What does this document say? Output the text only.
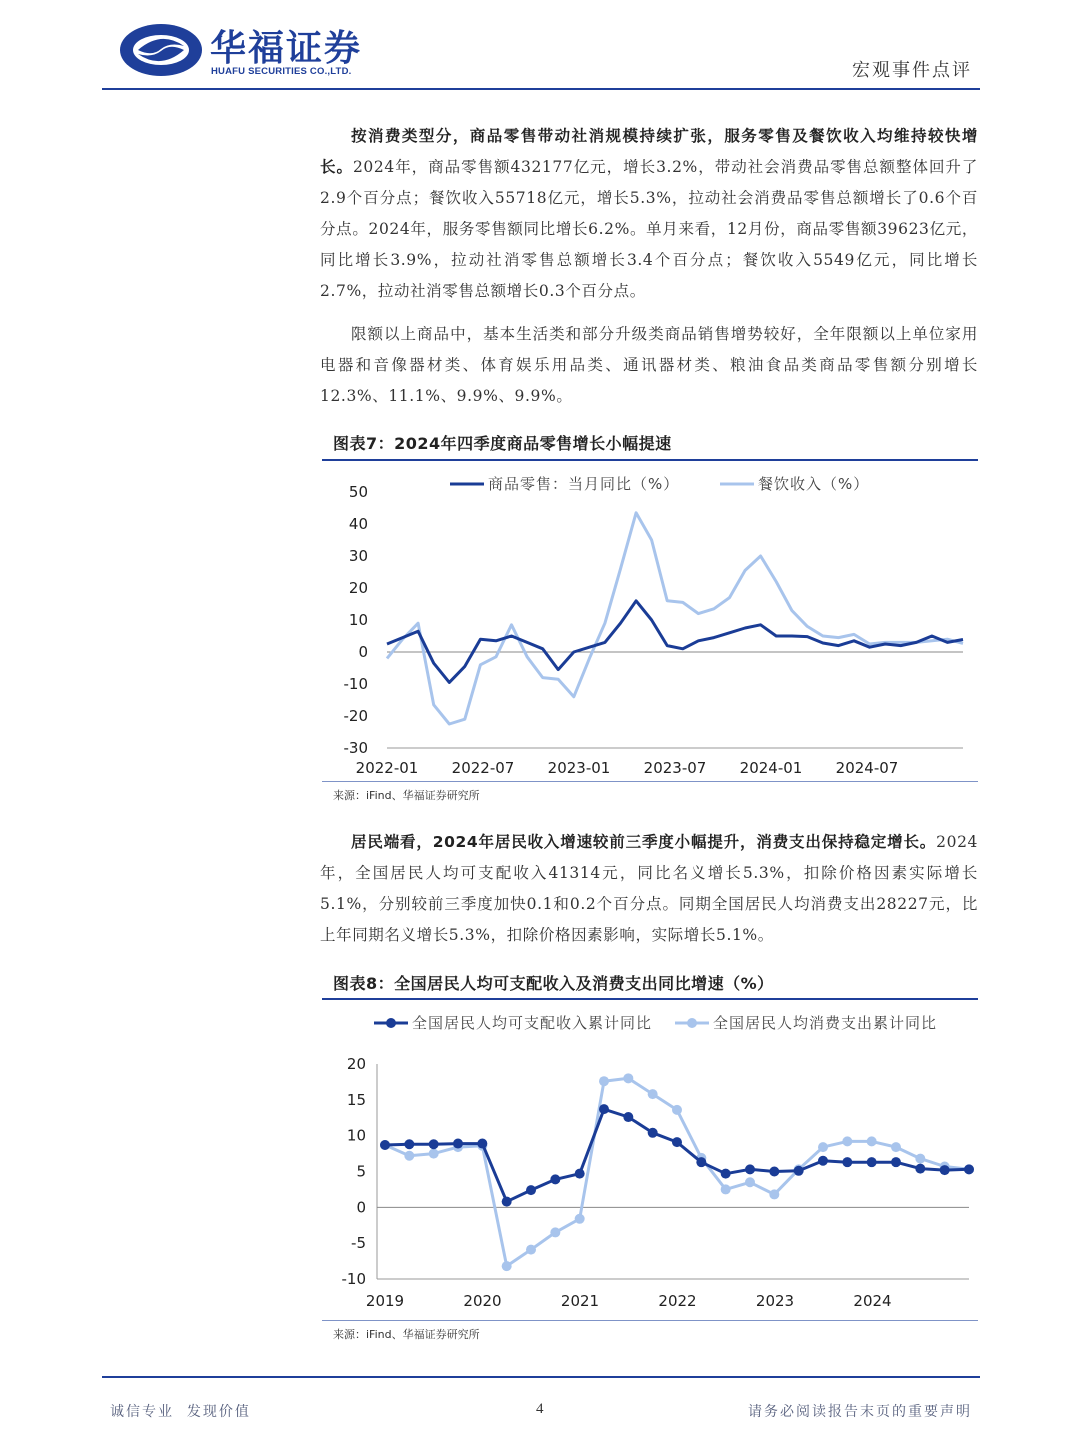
华福证券
HUAFU SECURITIES CO.,LTD.	宏观事件点评
按消费类型分，商品零售带动社消规模持续扩张，服务零售及餐饮收入均维持较快增长。2024年，商品零售额432177亿元，增长3.2%，带动社会消费品零售总额整体回升了2.9个百分点；餐饮收入55718亿元，增长5.3%，拉动社会消费品零售总额增长了0.6个百分点。2024年，服务零售额同比增长6.2%。单月来看，12月份，商品零售额39623亿元，同比增长3.9%，拉动社消零售总额增长3.4个百分点；餐饮收入5549亿元，同比增长2.7%，拉动社消零售总额增长0.3个百分点。
限额以上商品中，基本生活类和部分升级类商品销售增势较好，全年限额以上单位家用电器和音像器材类、体育娱乐用品类、通讯器材类、粮油食品类商品零售额分别增长12.3%、11.1%、9.9%、9.9%。
图表7：2024年四季度商品零售增长小幅提速
50
40
30
20
10
0
-10
-20
-30
2022-01 2022-07 2023-01 2023-07 2024-01 2024-07
商品零售：当月同比（%）	餐饮收入（%）
来源：iFind、华福证券研究所
居民端看，2024年居民收入增速较前三季度小幅提升，消费支出保持稳定增长。2024年，全国居民人均可支配收入41314元，同比名义增长5.3%，扣除价格因素实际增长5.1%，分别较前三季度加快0.1和0.2个百分点。同期全国居民人均消费支出28227元，比上年同期名义增长5.3%，扣除价格因素影响，实际增长5.1%。
图表8：全国居民人均可支配收入及消费支出同比增速（%）
20
15
10
5
0
-5
-10
2019	2020	2021	2022	2023	2024
全国居民人均可支配收入累计同比	全国居民人均消费支出累计同比
来源：iFind、华福证券研究所
诚信专业  发现价值	4	请务必阅读报告末页的重要声明
